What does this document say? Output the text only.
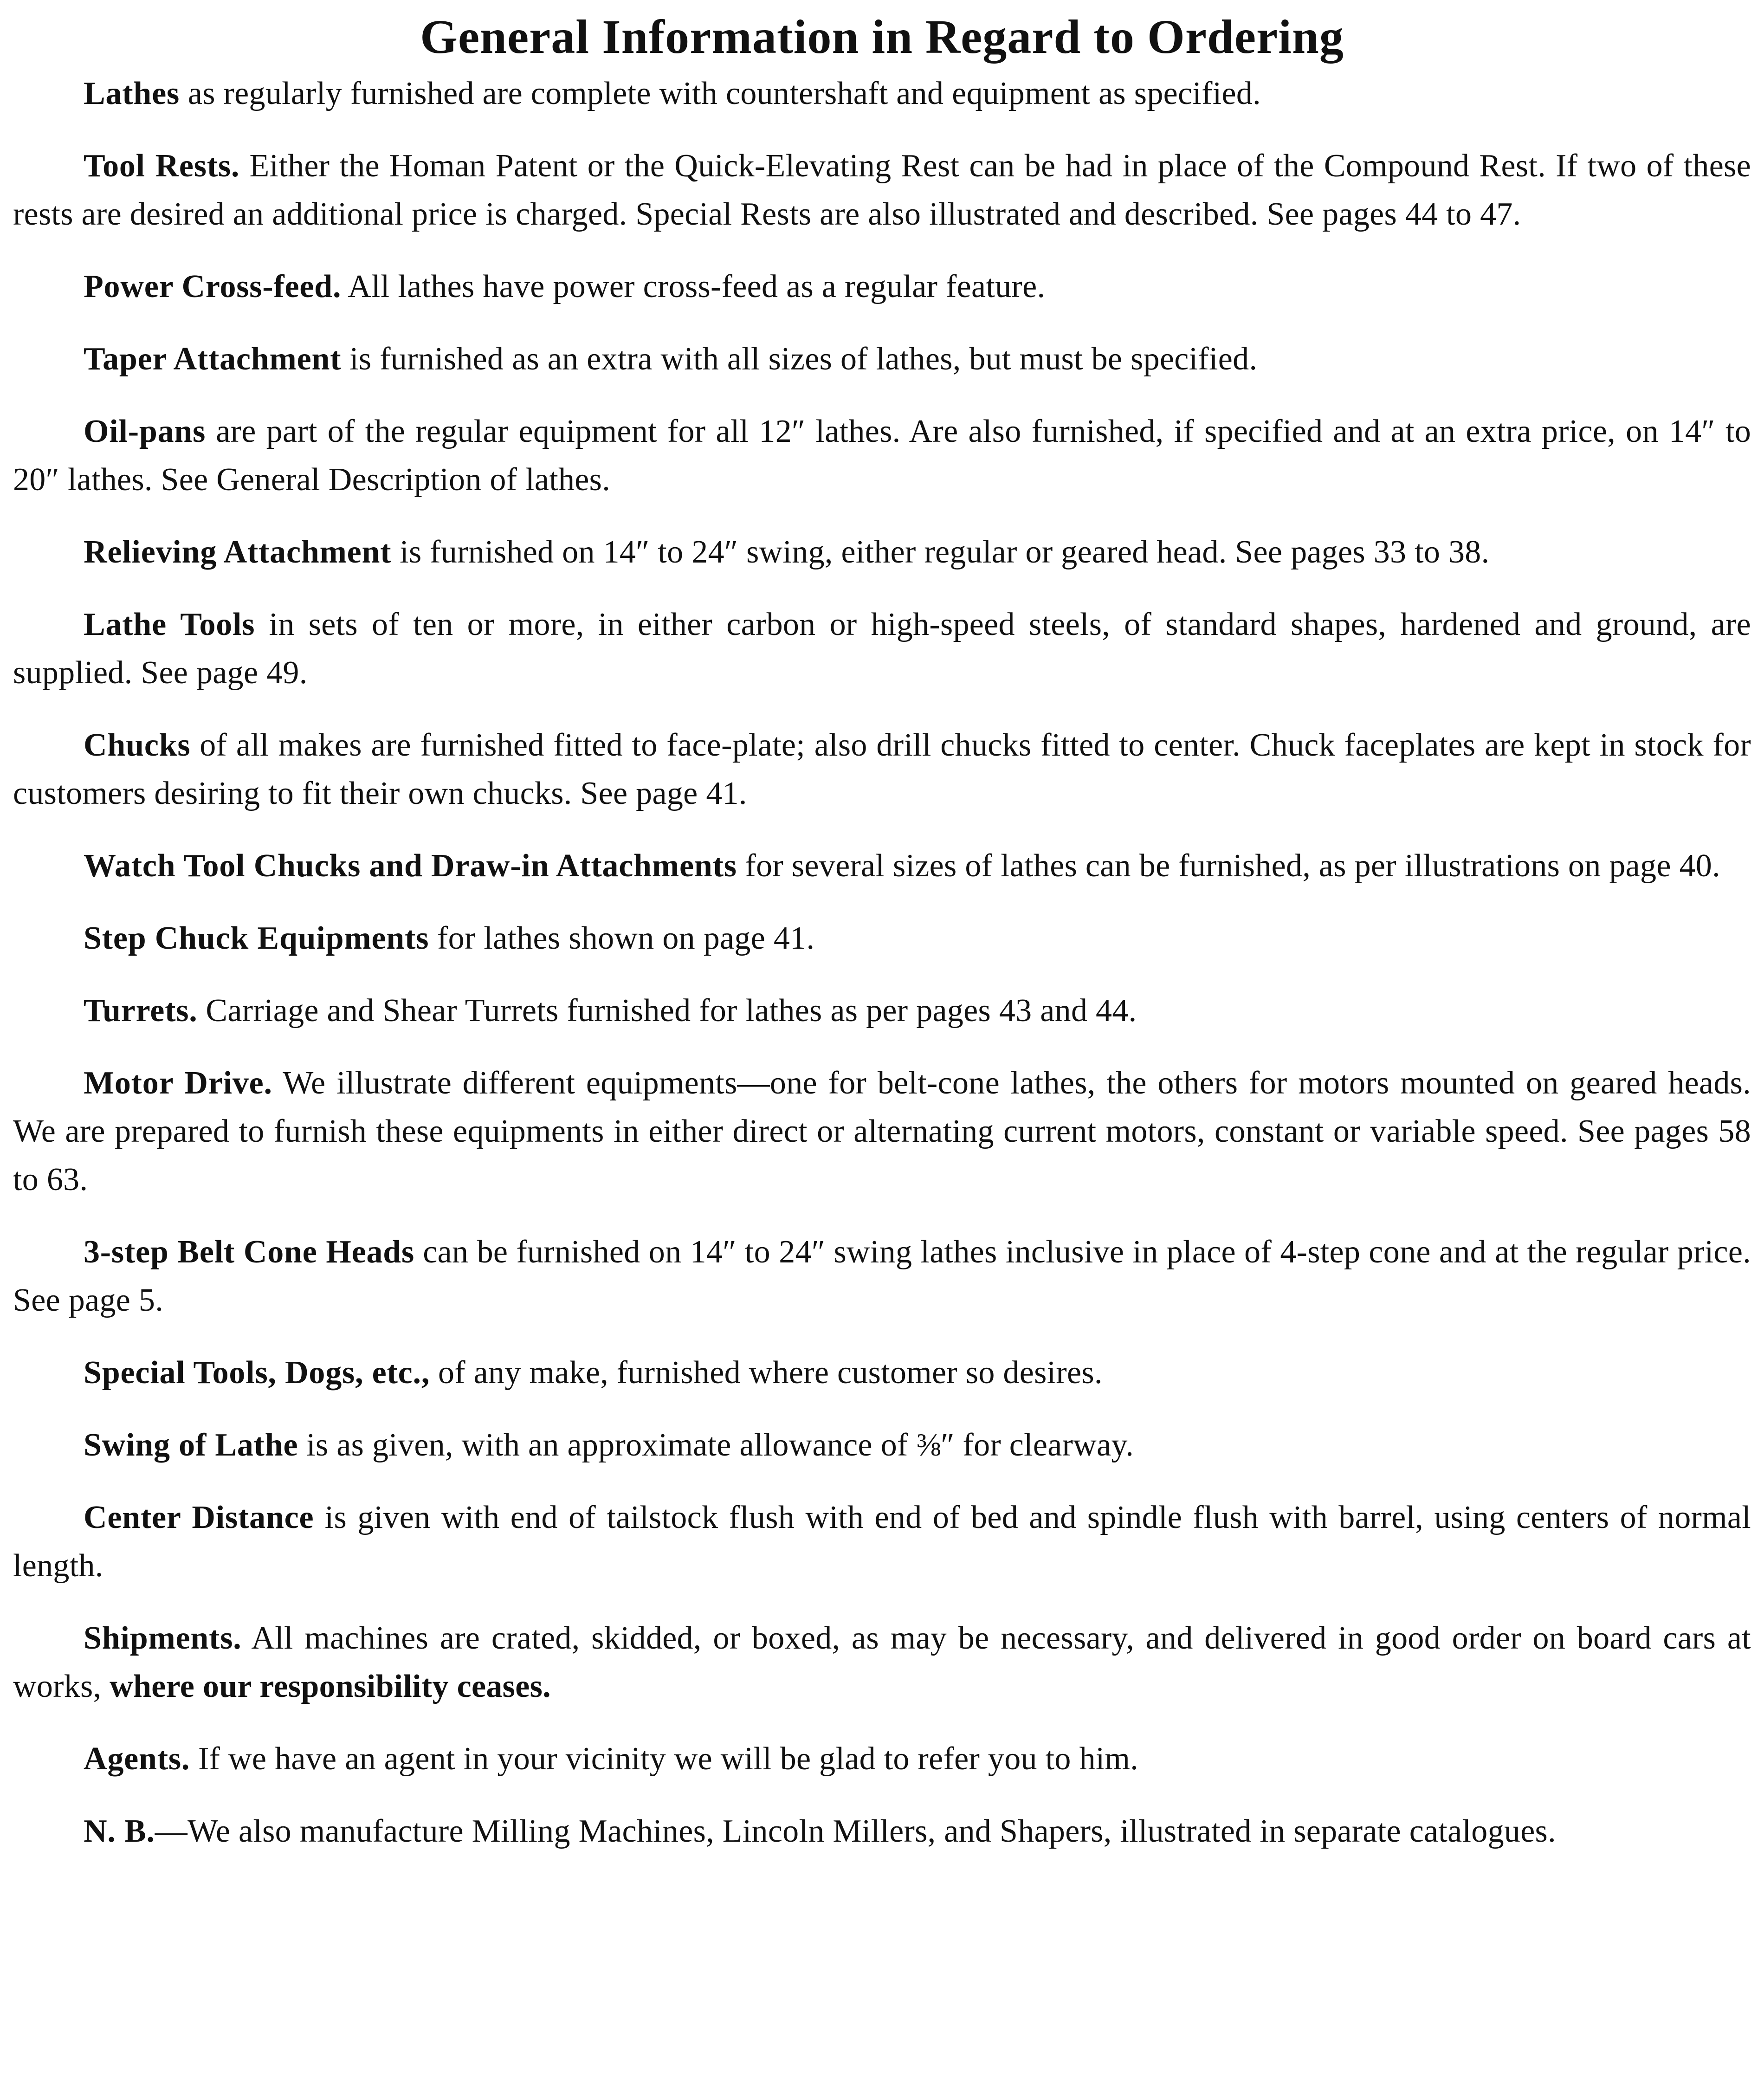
General Information in Regard to Ordering

Lathes as regularly furnished are complete with countershaft and equipment as specified.

Tool Rests. Either the Homan Patent or the Quick-Elevating Rest can be had in place of the Compound Rest. If two of these rests are desired an additional price is charged. Special Rests are also illustrated and described. See pages 44 to 47.

Power Cross-feed. All lathes have power cross-feed as a regular feature.

Taper Attachment is furnished as an extra with all sizes of lathes, but must be specified.

Oil-pans are part of the regular equipment for all 12″ lathes. Are also furnished, if specified and at an extra price, on 14″ to 20″ lathes. See General Description of lathes.

Relieving Attachment is furnished on 14″ to 24″ swing, either regular or geared head. See pages 33 to 38.

Lathe Tools in sets of ten or more, in either carbon or high-speed steels, of standard shapes, hardened and ground, are supplied. See page 49.

Chucks of all makes are furnished fitted to face-plate; also drill chucks fitted to center. Chuck faceplates are kept in stock for customers desiring to fit their own chucks. See page 41.

Watch Tool Chucks and Draw-in Attachments for several sizes of lathes can be furnished, as per illustrations on page 40.

Step Chuck Equipments for lathes shown on page 41.

Turrets. Carriage and Shear Turrets furnished for lathes as per pages 43 and 44.

Motor Drive. We illustrate different equipments—one for belt-cone lathes, the others for motors mounted on geared heads. We are prepared to furnish these equipments in either direct or alternating current motors, constant or variable speed. See pages 58 to 63.

3-step Belt Cone Heads can be furnished on 14″ to 24″ swing lathes inclusive in place of 4-step cone and at the regular price. See page 5.

Special Tools, Dogs, etc., of any make, furnished where customer so desires.

Swing of Lathe is as given, with an approximate allowance of ⅜″ for clearway.

Center Distance is given with end of tailstock flush with end of bed and spindle flush with barrel, using centers of normal length.

Shipments. All machines are crated, skidded, or boxed, as may be necessary, and delivered in good order on board cars at works, where our responsibility ceases.

Agents. If we have an agent in your vicinity we will be glad to refer you to him.

N. B.—We also manufacture Milling Machines, Lincoln Millers, and Shapers, illustrated in separate catalogues.
